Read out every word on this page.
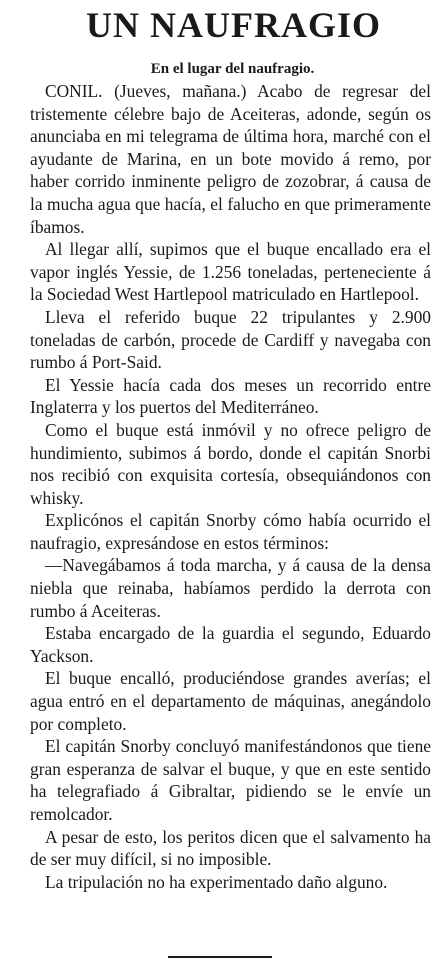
UN NAUFRAGIO
En el lugar del naufragio.

CONIL. (Jueves, mañana.) Acabo de regresar del tristemente célebre bajo de Aceiteras, adonde, según os anunciaba en mi telegrama de última hora, marché con el ayudante de Marina, en un bote movido á remo, por haber corrido inminente peligro de zozobrar, á causa de la mucha agua que hacía, el falucho en que primeramente íbamos.

Al llegar allí, supimos que el buque encallado era el vapor inglés Yessie, de 1.256 toneladas, perteneciente á la Sociedad West Hartlepool matriculado en Hartlepool.

Lleva el referido buque 22 tripulantes y 2.900 toneladas de carbón, procede de Cardiff y navegaba con rumbo á Port-Said.

El Yessie hacía cada dos meses un recorrido entre Inglaterra y los puertos del Mediterráneo.

Como el buque está inmóvil y no ofrece peligro de hundimiento, subimos á bordo, donde el capitán Snorbi nos recibió con exquisita cortesía, obsequiándonos con whisky.

Explicónos el capitán Snorby cómo había ocurrido el naufragio, expresándose en estos términos:

—Navegábamos á toda marcha, y á causa de la densa niebla que reinaba, habíamos perdido la derrota con rumbo á Aceiteras.

Estaba encargado de la guardia el segundo, Eduardo Yackson.

El buque encalló, produciéndose grandes averías; el agua entró en el departamento de máquinas, anegándolo por completo.

El capitán Snorby concluyó manifestándonos que tiene gran esperanza de salvar el buque, y que en este sentido ha telegrafiado á Gibraltar, pidiendo se le envíe un remolcador.

A pesar de esto, los peritos dicen que el salvamento ha de ser muy difícil, si no imposible.

La tripulación no ha experimentado daño alguno.
